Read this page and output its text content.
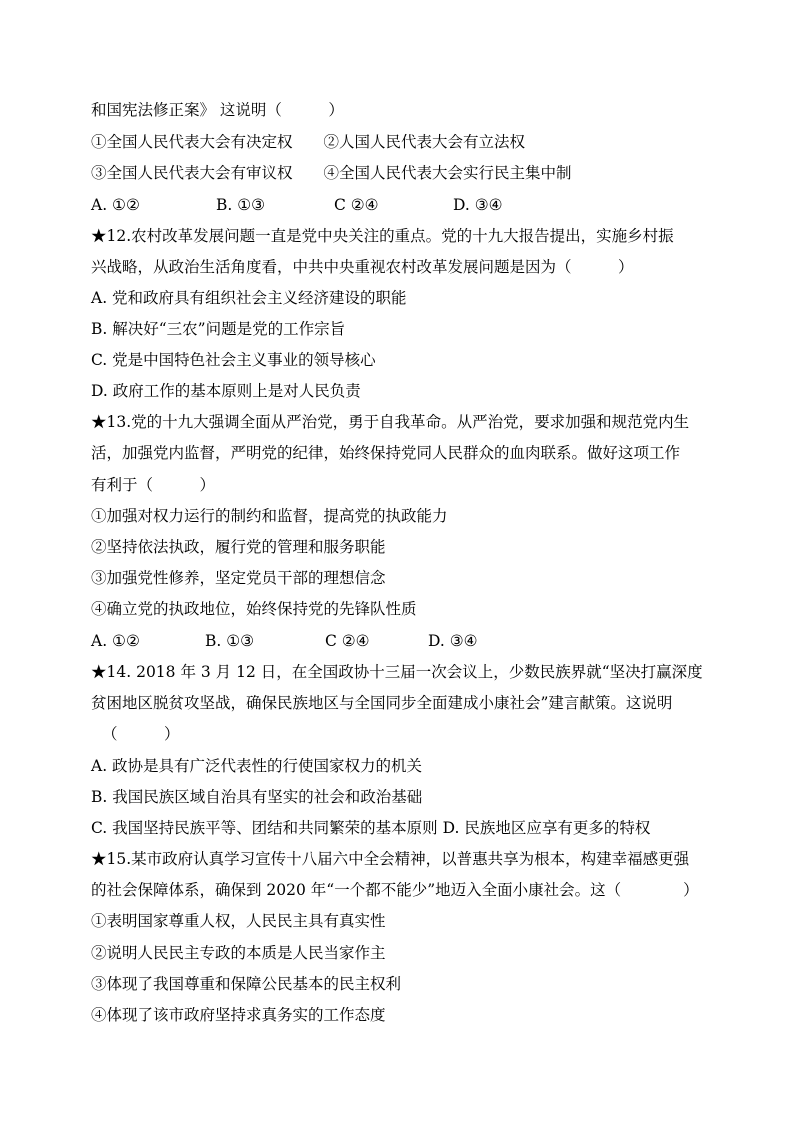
和国宪法修正案》 这说明（　　　）
①全国人民代表大会有决定权　　②人国人民代表大会有立法权
③全国人民代表大会有审议权　　④全国人民代表大会实行民主集中制
A. ①②	B. ①③	C ②④	D. ③④
★12.农村改革发展问题一直是党中央关注的重点。党的十九大报告提出，实施乡村振
兴战略，从政治生活角度看，中共中央重视农村改革发展问题是因为（　　　）
A. 党和政府具有组织社会主义经济建设的职能
B. 解决好“三农”问题是党的工作宗旨
C. 党是中国特色社会主义事业的领导核心
D. 政府工作的基本原则上是对人民负责
★13.党的十九大强调全面从严治党，勇于自我革命。从严治党，要求加强和规范党内生
活，加强党内监督，严明党的纪律，始终保持党同人民群众的血肉联系。做好这项工作
有利于（　　　）
①加强对权力运行的制约和监督，提高党的执政能力
②坚持依法执政，履行党的管理和服务职能
③加强党性修养，坚定党员干部的理想信念
④确立党的执政地位，始终保持党的先锋队性质
A. ①②	B. ①③	C ②④	D. ③④
★14. 2018 年 3 月 12 日，在全国政协十三届一次会议上，少数民族界就“坚决打赢深度
贫困地区脱贫攻坚战，确保民族地区与全国同步全面建成小康社会”建言献策。这说明
（　　　）
A. 政协是具有广泛代表性的行使国家权力的机关
B. 我国民族区域自治具有坚实的社会和政治基础
C. 我国坚持民族平等、团结和共同繁荣的基本原则 D. 民族地区应享有更多的特权
★15.某市政府认真学习宣传十八届六中全会精神，以普惠共享为根本，构建幸福感更强
的社会保障体系，确保到 2020 年“一个都不能少”地迈入全面小康社会。这（　　　　）
①表明国家尊重人权，人民民主具有真实性
②说明人民民主专政的本质是人民当家作主
③体现了我国尊重和保障公民基本的民主权利
④体现了该市政府坚持求真务实的工作态度
